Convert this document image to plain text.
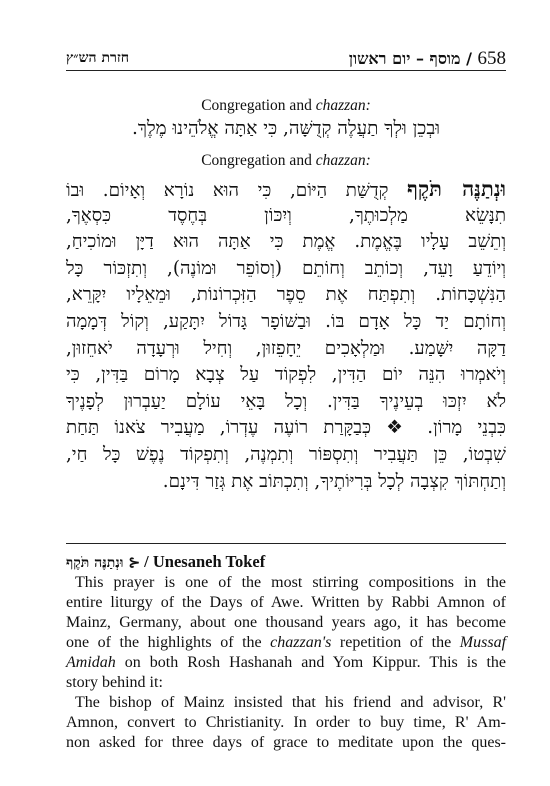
658 / מוסף – יום ראשון
חזרת הש״ץ
Congregation and chazzan:
וּבְכֵן וּלְךָ תַעֲלֶה קְדֻשָּׁה, כִּי אַתָּה אֱלֹהֵינוּ מֶלֶךְ.
Congregation and chazzan:
וּנְתַנֶּה תֹּקֶף קְדֻשַּׁת הַיּוֹם, כִּי הוּא נוֹרָא וְאָיוֹם. וּבוֹ
תִנָּשֵׂא מַלְכוּתֶךָ, וְיִכּוֹן בְּחֶסֶד כִּסְאֶךָ,
וְתֵשֵׁב עָלָיו בֶּאֱמֶת. אֱמֶת כִּי אַתָּה הוּא דַיָּן וּמוֹכִיחַ,
וְיוֹדֵעַ וָעֵד, וְכוֹתֵב וְחוֹתֵם (וְסוֹפֵר וּמוֹנֶה), וְתִזְכּוֹר כָּל
הַנִּשְׁכָּחוֹת. וְתִפְתַּח אֶת סֵפֶר הַזִּכְרוֹנוֹת, וּמֵאֵלָיו יִקָּרֵא,
וְחוֹתָם יַד כָּל אָדָם בּוֹ. וּבַשּׁוֹפָר גָּדוֹל יִתָּקַע, וְקוֹל דְּמָמָה
דַקָּה יִשָּׁמַע. וּמַלְאָכִים יֵחָפֵזוּן, וְחִיל וּרְעָדָה יֹאחֵזוּן,
וְיֹאמְרוּ הִנֵּה יוֹם הַדִּין, לִפְקוֹד עַל צְבָא מָרוֹם בַּדִּין, כִּי
לֹא יִזְכּוּ בְעֵינֶיךָ בַּדִּין. וְכָל בָּאֵי עוֹלָם יַעַבְרוּן לְפָנֶיךָ
כִּבְנֵי מָרוֹן. ❖ כְּבַקָּרַת רוֹעֶה עֶדְרוֹ, מַעֲבִיר צֹאנוֹ תַּחַת
שִׁבְטוֹ, כֵּן תַּעֲבִיר וְתִסְפּוֹר וְתִמְנֶה, וְתִפְקוֹד נֶפֶשׁ כָּל חַי,
וְתַחְתּוֹךְ קִצְבָה לְכָל בְּרִיּוֹתֶיךָ, וְתִכְתּוֹב אֶת גְּזַר דִּינָם.
⊰ וּנְתַנֶּה תֹּקֶף / Unesaneh Tokef
This prayer is one of the most stirring compositions in the
entire liturgy of the Days of Awe. Written by Rabbi Amnon of
Mainz, Germany, about one thousand years ago, it has become
one of the highlights of the chazzan's repetition of the Mussaf
Amidah on both Rosh Hashanah and Yom Kippur. This is the
story behind it:
The bishop of Mainz insisted that his friend and advisor, R'
Amnon, convert to Christianity. In order to buy time, R' Am-
non asked for three days of grace to meditate upon the ques-
